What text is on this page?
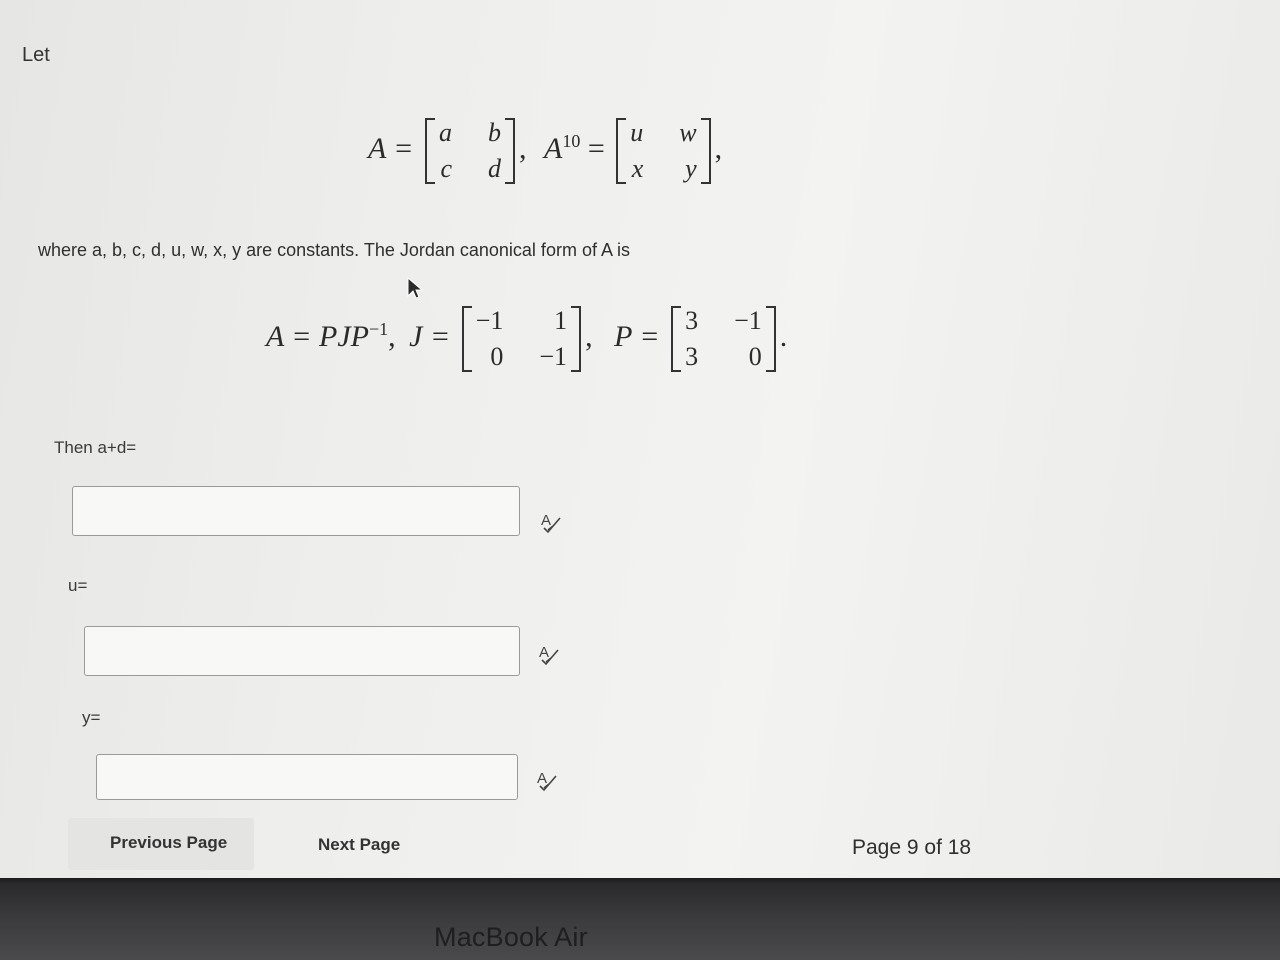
Let
A = a b
c d
, $A^{10} = u$ w
x y
,
where a, b, c, d, u, w, x, y are constants. The Jordan canonical form of A is
$A = PJP^{-1}$, J = −1	1
0 −1
, P = 3 −1
3	0
.
Then a+d=
A
u=
A
y=
A
Previous Page	Next Page	Page 9 of 18
MacBook Air
